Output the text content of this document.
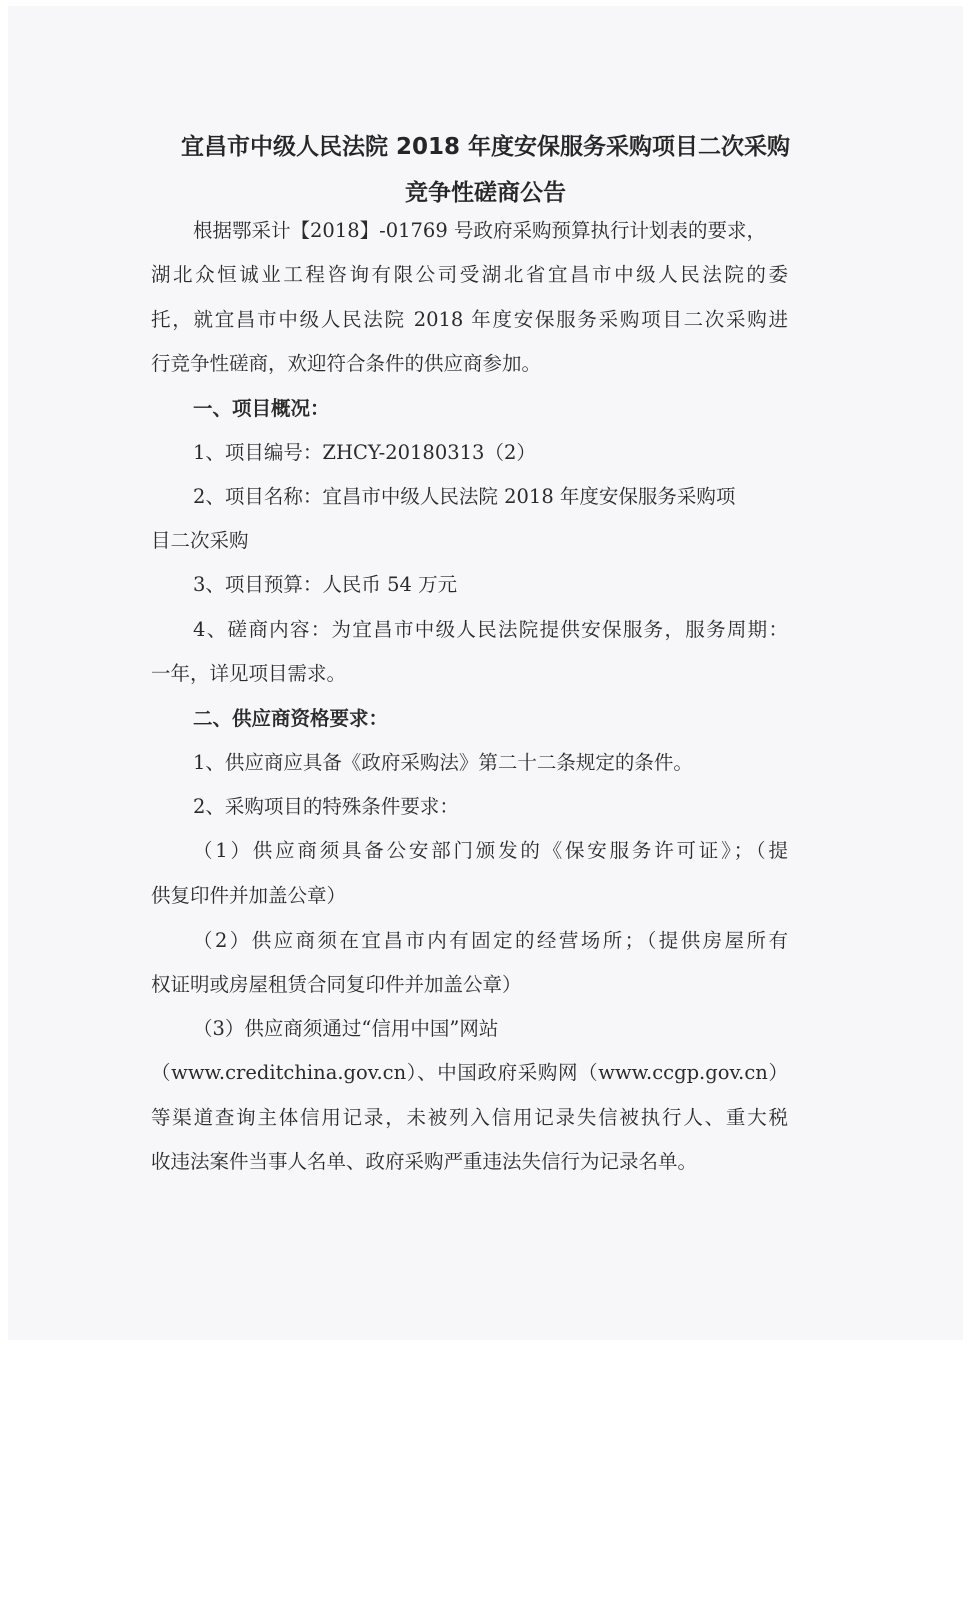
宜昌市中级人民法院 2018 年度安保服务采购项目二次采购
竞争性磋商公告

根据鄂采计【2018】-01769 号政府采购预算执行计划表的要求，

湖北众恒诚业工程咨询有限公司受湖北省宜昌市中级人民法院的委

托，就宜昌市中级人民法院 2018 年度安保服务采购项目二次采购进

行竞争性磋商，欢迎符合条件的供应商参加。

一、项目概况：

1、项目编号：ZHCY-20180313（2）

2、项目名称：宜昌市中级人民法院 2018 年度安保服务采购项

目二次采购

3、项目预算：人民币 54 万元

4、磋商内容：为宜昌市中级人民法院提供安保服务，服务周期：

一年，详见项目需求。

二、供应商资格要求：

1、供应商应具备《政府采购法》第二十二条规定的条件。

2、采购项目的特殊条件要求：

（1）供应商须具备公安部门颁发的《保安服务许可证》；（提

供复印件并加盖公章）

（2）供应商须在宜昌市内有固定的经营场所；（提供房屋所有

权证明或房屋租赁合同复印件并加盖公章）

（3）供应商须通过“信用中国”网站

（www.creditchina.gov.cn）、中国政府采购网（www.ccgp.gov.cn）

等渠道查询主体信用记录，未被列入信用记录失信被执行人、重大税

收违法案件当事人名单、政府采购严重违法失信行为记录名单。
